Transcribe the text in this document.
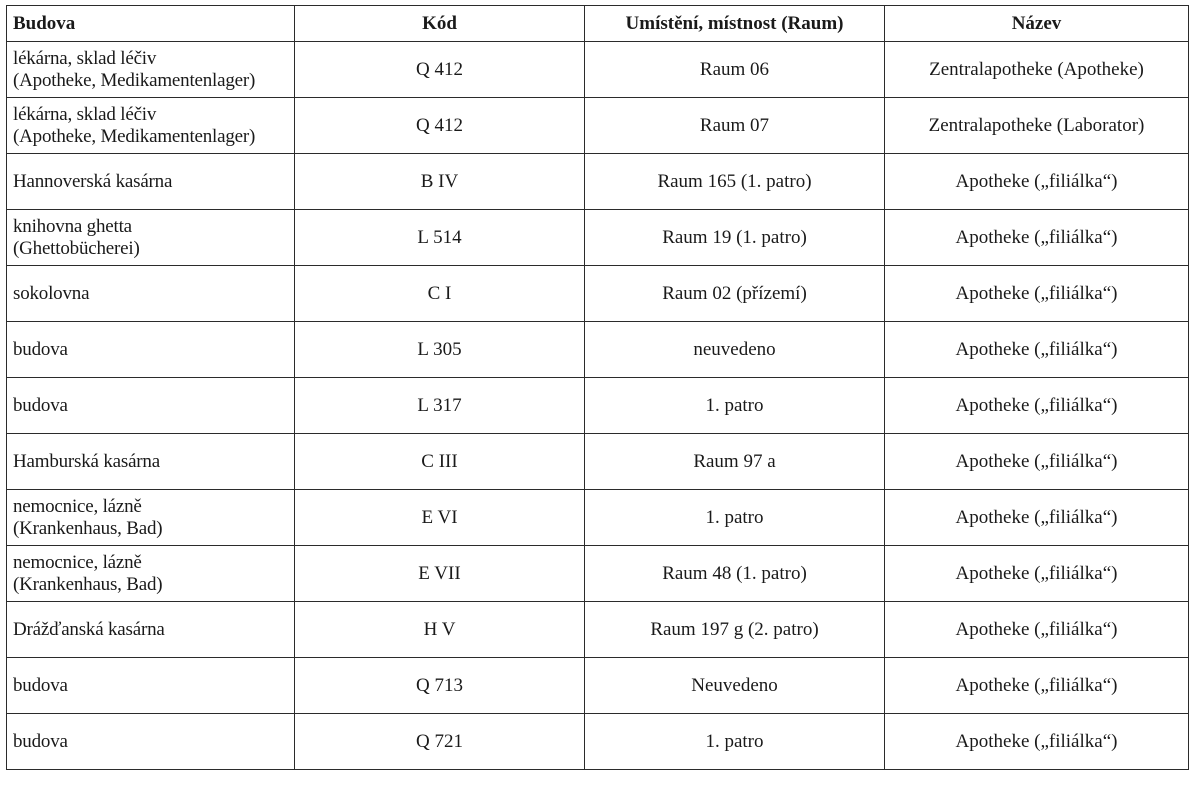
Budova	Kód	Umístění, místnost (Raum)	Název

lékárna, sklad léčiv
(Apotheke, Medikamentenlager)	Q 412	Raum 06	Zentralapotheke (Apotheke)

lékárna, sklad léčiv
(Apotheke, Medikamentenlager)	Q 412	Raum 07	Zentralapotheke (Laborator)

Hannoverská kasárna	B IV	Raum 165 (1. patro)	Apotheke („filiálka“)

knihovna ghetta
(Ghettobücherei)	L 514	Raum 19 (1. patro)	Apotheke („filiálka“)

sokolovna	C I	Raum 02 (přízemí)	Apotheke („filiálka“)

budova	L 305	neuvedeno	Apotheke („filiálka“)

budova	L 317	1. patro	Apotheke („filiálka“)

Hamburská kasárna	C III	Raum 97 a	Apotheke („filiálka“)

nemocnice, lázně
(Krankenhaus, Bad)	E VI	1. patro	Apotheke („filiálka“)

nemocnice, lázně
(Krankenhaus, Bad)	E VII	Raum 48 (1. patro)	Apotheke („filiálka“)

Drážďanská kasárna	H V	Raum 197 g (2. patro)	Apotheke („filiálka“)

budova	Q 713	Neuvedeno	Apotheke („filiálka“)

budova	Q 721	1. patro	Apotheke („filiálka“)
